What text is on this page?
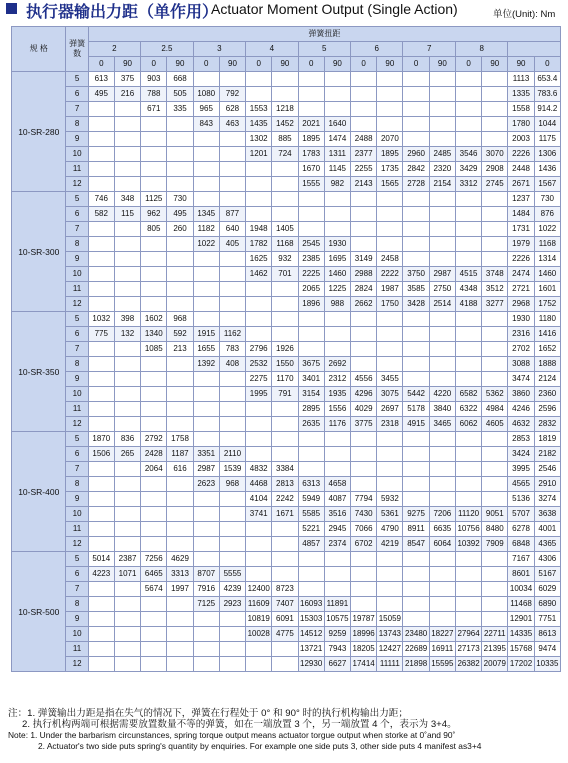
执行器输出力距（单作用）
Actuator Moment Output (Single Action)	单位(Unit): Nm
规 格	弹簧数	弹簧扭距																	
		2		2.5		3		4		5		6		7		8			
		0	90	0	90	0	90	0	90	0	90	0	90	0	90	0	90	90	0
10-SR-280	5	613	375	903	668													1113	653.4
	6	495	216	788	505	1080	792											1335	783.6
	7			671	335	965	628	1553	1218									1558	914.2
	8					843	463	1435	1452	2021	1640							1780	1044
	9							1302	885	1895	1474	2488	2070					2003	1175
	10							1201	724	1783	1311	2377	1895	2960	2485	3546	3070	2226	1306
	11									1670	1145	2255	1735	2842	2320	3429	2908	2448	1436
	12									1555	982	2143	1565	2728	2154	3312	2745	2671	1567
10-SR-300	5	746	348	1125	730													1237	730
	6	582	115	962	495	1345	877											1484	876
	7			805	260	1182	640	1948	1405									1731	1022
	8					1022	405	1782	1168	2545	1930							1979	1168
	9							1625	932	2385	1695	3149	2458					2226	1314
	10							1462	701	2225	1460	2988	2222	3750	2987	4515	3748	2474	1460
	11									2065	1225	2824	1987	3585	2750	4348	3512	2721	1601
	12									1896	988	2662	1750	3428	2514	4188	3277	2968	1752
10-SR-350	5	1032	398	1602	968													1930	1180
	6	775	132	1340	592	1915	1162											2316	1416
	7			1085	213	1655	783	2796	1926									2702	1652
	8					1392	408	2532	1550	3675	2692							3088	1888
	9							2275	1170	3401	2312	4556	3455					3474	2124
	10							1995	791	3154	1935	4296	3075	5442	4220	6582	5362	3860	2360
	11									2895	1556	4029	2697	5178	3840	6322	4984	4246	2596
	12									2635	1176	3775	2318	4915	3465	6062	4605	4632	2832
10-SR-400	5	1870	836	2792	1758													2853	1819
	6	1506	265	2428	1187	3351	2110											3424	2182
	7			2064	616	2987	1539	4832	3384									3995	2546
	8					2623	968	4468	2813	6313	4658							4565	2910
	9							4104	2242	5949	4087	7794	5932					5136	3274
	10							3741	1671	5585	3516	7430	5361	9275	7206	11120	9051	5707	3638
	11									5221	2945	7066	4790	8911	6635	10756	8480	6278	4001
	12									4857	2374	6702	4219	8547	6064	10392	7909	6848	4365
10-SR-500	5	5014	2387	7256	4629													7167	4306
	6	4223	1071	6465	3313	8707	5555											8601	5167
	7			5674	1997	7916	4239	12400	8723									10034	6029
	8					7125	2923	11609	7407	16093	11891							11468	6890
	9							10819	6091	15303	10575	19787	15059					12901	7751
	10							10028	4775	14512	9259	18996	13743	23480	18227	27964	22711	14335	8613
	11									13721	7943	18205	12427	22689	16911	27173	21395	15768	9474
	12									12930	6627	17414	11111	21898	15595	26382	20079	17202	10335
注：1. 弹簧输出力距是指在失气的情况下，弹簧在行程处于 0° 和 90° 时的执行机构输出力距；
2. 执行机构两端可根据需要放置数量不等的弹簧，如在一端放置 3 个，另一端放置 4 个，表示为 3+4。
Note: 1. Under the barbarism circunstances, spring torque output means actuator torgue output when storke at 0˚and 90˚
2. Actuator's two side puts spring's quantity by enquiries. For example one side puts 3, other side puts 4 manifest as3+4
